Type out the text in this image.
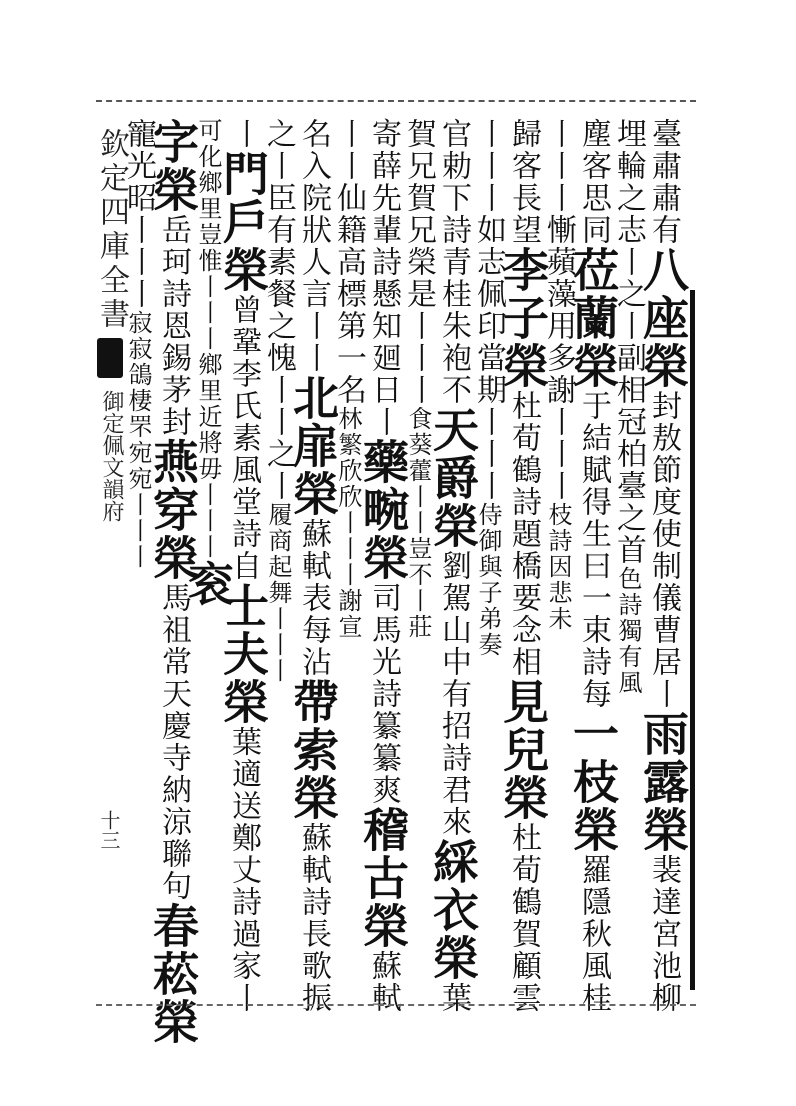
欽定四庫全書
御定佩文韻府
十三
臺肅肅有八座榮封敖節度使制儀曹居丨雨露榮裴達宮池柳
埋輪之志丨之丨副相冠柏臺之首色詩獨有風
塵客思同莅蘭榮于結賦得生曰一束詩每一枝榮羅隱秋風桂
丨丨丨慚蘋藻用多謝丨丨丨枝詩因悲未
歸客長望李子榮杜荀鶴詩題橋要念相見兒榮杜荀鶴賀顧雲
丨丨丨如志佩印當期丨丨丨侍御與子弟奏
官勅下詩青桂朱袍不天爵榮劉駕山中有招詩君來綵衣榮葉
賀兄賀兄榮是丨丨丨食葵藿丨丨豈不丨莊
寄薛先輩詩懸知廻日丨藥畹榮司馬光詩纂纂爽稽古榮蘇軾
丨丨仙籍高標第一名林繁欣欣丨丨丨謝宣
名入院狀人言丨丨北扉榮蘇軾表每沾帶索榮蘇軾詩長歌振
之丨臣有素餐之愧丨丨之丨履商起舞丨丨丨
丨門戶榮曾鞏李氏素風堂詩自士夫榮葉適送鄭丈詩過家丨
可化鄉里豈惟丨丨丨鄉里近將毋丨丨丨衮
字榮岳珂詩恩錫茅封燕穿榮馬祖常天慶寺納涼聯句春菘榮
寵光昭丨丨丨寂寂鴿棲罘宛宛丨丨丨
